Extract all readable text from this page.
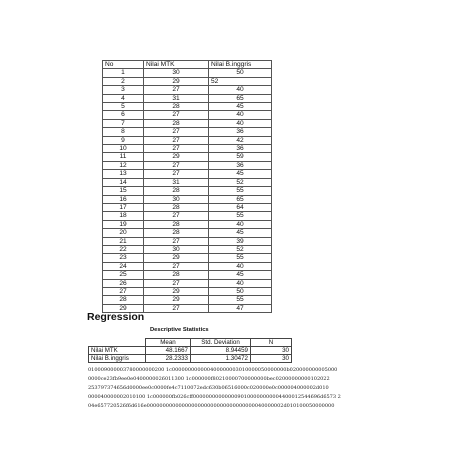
No	Nilai MTK	Nilai B.inggris
1	30	50
2	29	52
3	27	40
4	31	65
5	28	45
6	27	40
7	28	40
8	27	36
9	27	42
10	27	36
11	29	59
12	27	36
13	27	45
14	31	52
15	28	55
16	30	65
17	28	64
18	27	55
19	28	40
20	28	45
21	27	39
22	30	52
23	29	55
24	27	40
25	28	45
26	27	40
27	29	50
28	29	55
29	27	47
Regression
Descriptive Statistics
	Mean	Std. Deviation	N
Nilai MTK	48.1667	8.94459	30
Nilai B.inggris	28.2333	1.30472	30
010009000003780000000200 1c000000000000400000003010000050000000b020000000005000
0000ce23fb9ee0e0400000026011300 1c000000f80210000700000000bec02000000000102022
253797374656d0000ee0c0000fe4c7110072edc630b06516000c020000e0c000004000002d010
000040000002010100 1c000000fb026cff0000000000000090100000000004400012544696d6573 2
04e657720526f6d616e0000000000000000000000000000000000040000002d010100050000000
